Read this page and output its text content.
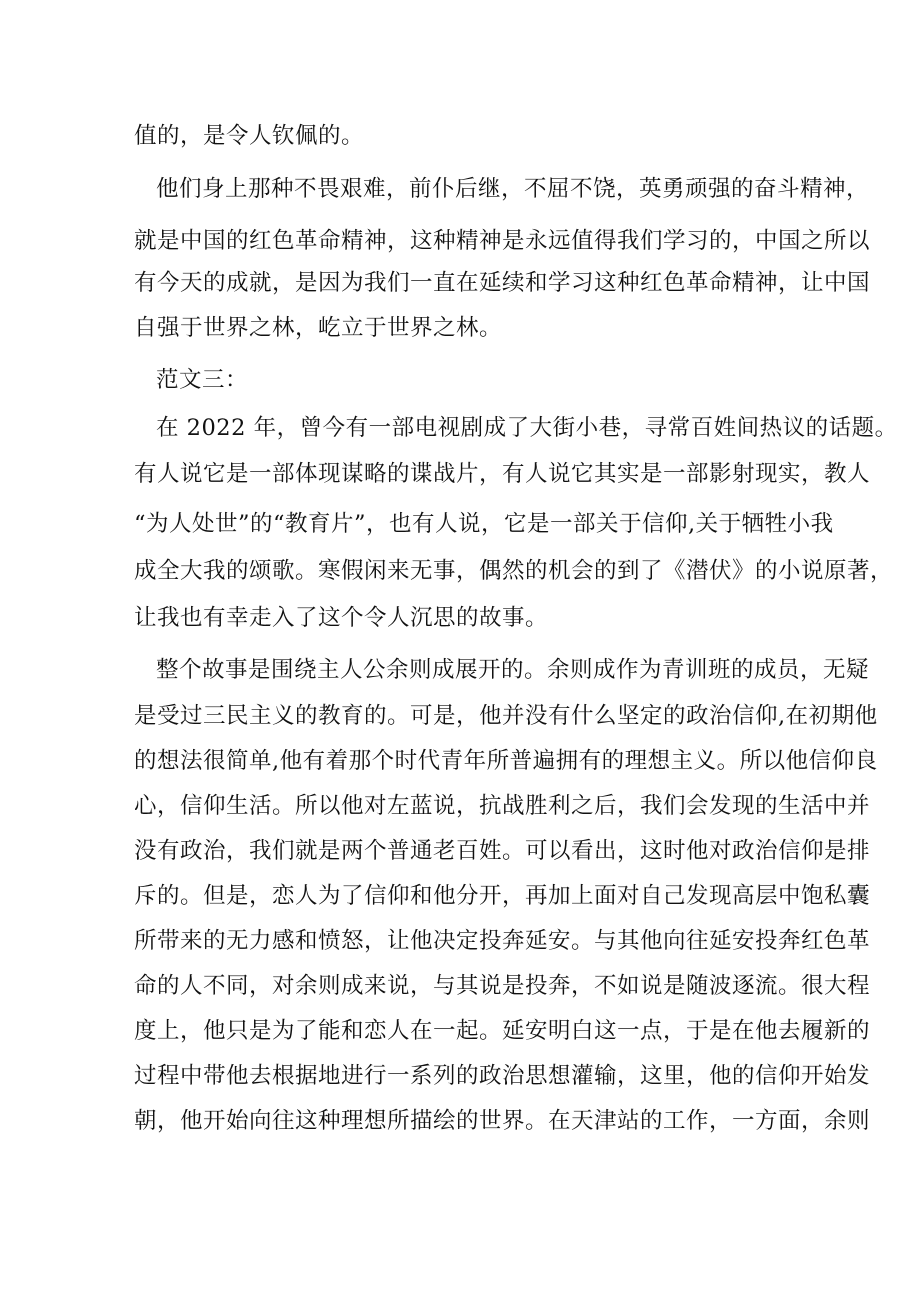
值的，是令人钦佩的。
他们身上那种不畏艰难，前仆后继，不屈不饶，英勇顽强的奋斗精神，
就是中国的红色革命精神，这种精神是永远值得我们学习的，中国之所以
有今天的成就，是因为我们一直在延续和学习这种红色革命精神，让中国
自强于世界之林，屹立于世界之林。
范文三：
在 2022 年，曾今有一部电视剧成了大街小巷，寻常百姓间热议的话题。
有人说它是一部体现谋略的谍战片，有人说它其实是一部影射现实，教人
“为人处世”的“教育片”，也有人说，它是一部关于信仰,关于牺牲小我
成全大我的颂歌。寒假闲来无事，偶然的机会的到了《潜伏》的小说原著，
让我也有幸走入了这个令人沉思的故事。
整个故事是围绕主人公余则成展开的。余则成作为青训班的成员，无疑
是受过三民主义的教育的。可是，他并没有什么坚定的政治信仰,在初期他
的想法很简单,他有着那个时代青年所普遍拥有的理想主义。所以他信仰良
心，信仰生活。所以他对左蓝说，抗战胜利之后，我们会发现的生活中并
没有政治，我们就是两个普通老百姓。可以看出，这时他对政治信仰是排
斥的。但是，恋人为了信仰和他分开，再加上面对自己发现高层中饱私囊
所带来的无力感和愤怒，让他决定投奔延安。与其他向往延安投奔红色革
命的人不同，对余则成来说，与其说是投奔，不如说是随波逐流。很大程
度上，他只是为了能和恋人在一起。延安明白这一点，于是在他去履新的
过程中带他去根据地进行一系列的政治思想灌输，这里，他的信仰开始发
朝，他开始向往这种理想所描绘的世界。在天津站的工作，一方面，余则
